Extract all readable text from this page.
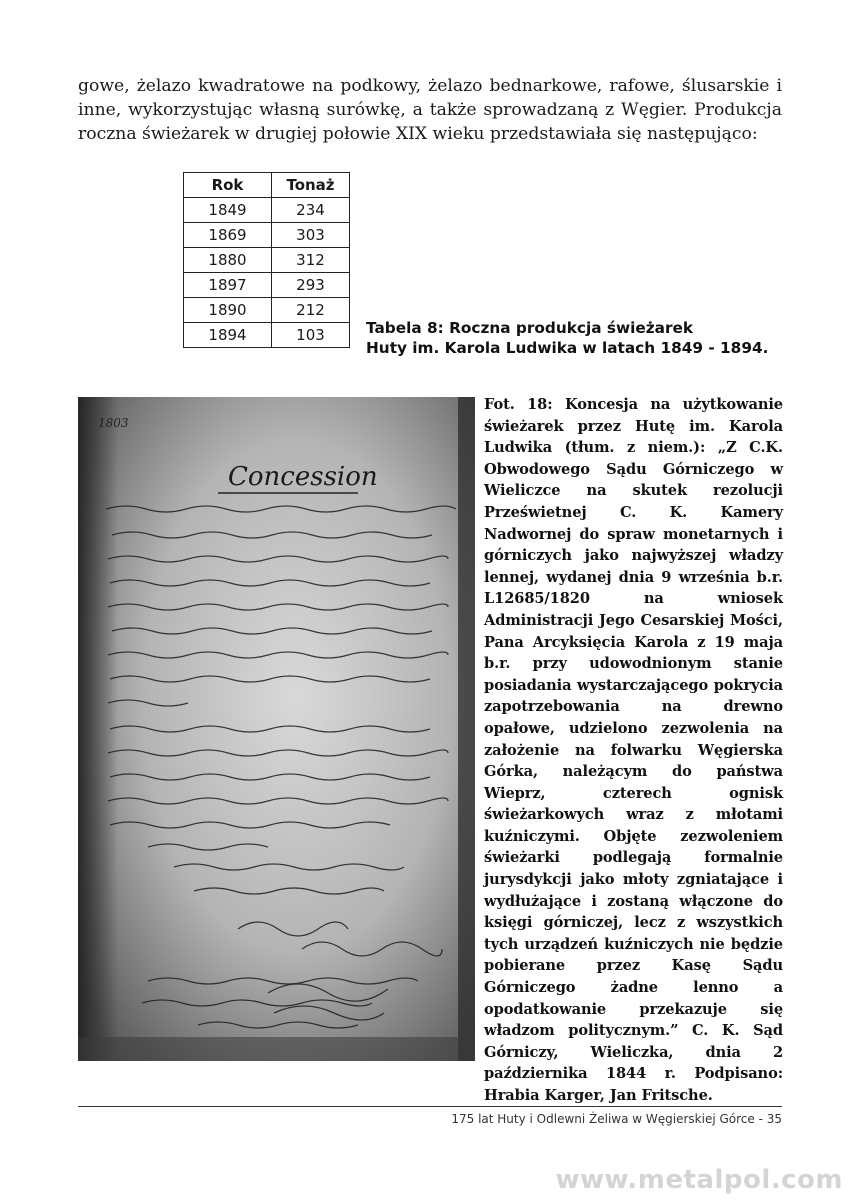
gowe, żelazo kwadratowe na podkowy, żelazo bednarkowe, rafowe, ślusarskie i inne, wykorzystując własną surówkę, a także sprowadzaną z Węgier. Produkcja roczna świeżarek w drugiej połowie XIX wieku przedstawiała się następująco:

Rok	Tonaż
1849	234
1869	303
1880	312
1897	293
1890	212
1894	103	Tabela 8: Roczna produkcja świeżarek
Huty im. Karola Ludwika w latach 1849 - 1894.
1803
Concession

Fot. 18: Koncesja na użytkowanie świeżarek przez Hutę im. Karola Ludwika (tłum. z niem.): „Z C.K. Obwodowego Sądu Górniczego w Wieliczce na skutek rezolucji Prześwietnej C. K. Kamery Nadwornej do spraw monetarnych i górniczych jako najwyższej władzy lennej, wydanej dnia 9 września b.r. L12685/1820 na wniosek Administracji Jego Cesarskiej Mości, Pana Arcyksięcia Karola z 19 maja b.r. przy udowodnionym stanie posiadania wystarczającego pokrycia zapotrzebowania na drewno opałowe, udzielono zezwolenia na założenie na folwarku Węgierska Górka, należącym do państwa Wieprz, czterech ognisk świeżarkowych wraz z młotami kuźniczymi. Objęte zezwoleniem świeżarki podlegają formalnie jurysdykcji jako młoty zgniatające i wydłużające i zostaną włączone do księgi górniczej, lecz z wszystkich tych urządzeń kuźniczych nie będzie pobierane przez Kasę Sądu Górniczego żadne lenno a opodatkowanie przekazuje się władzom politycznym.” C. K. Sąd Górniczy, Wieliczka, dnia 2 października 1844 r. Podpisano: Hrabia Karger, Jan Fritsche.

175 lat Huty i Odlewni Żeliwa w Węgierskiej Górce - 35
www.metalpol.com
